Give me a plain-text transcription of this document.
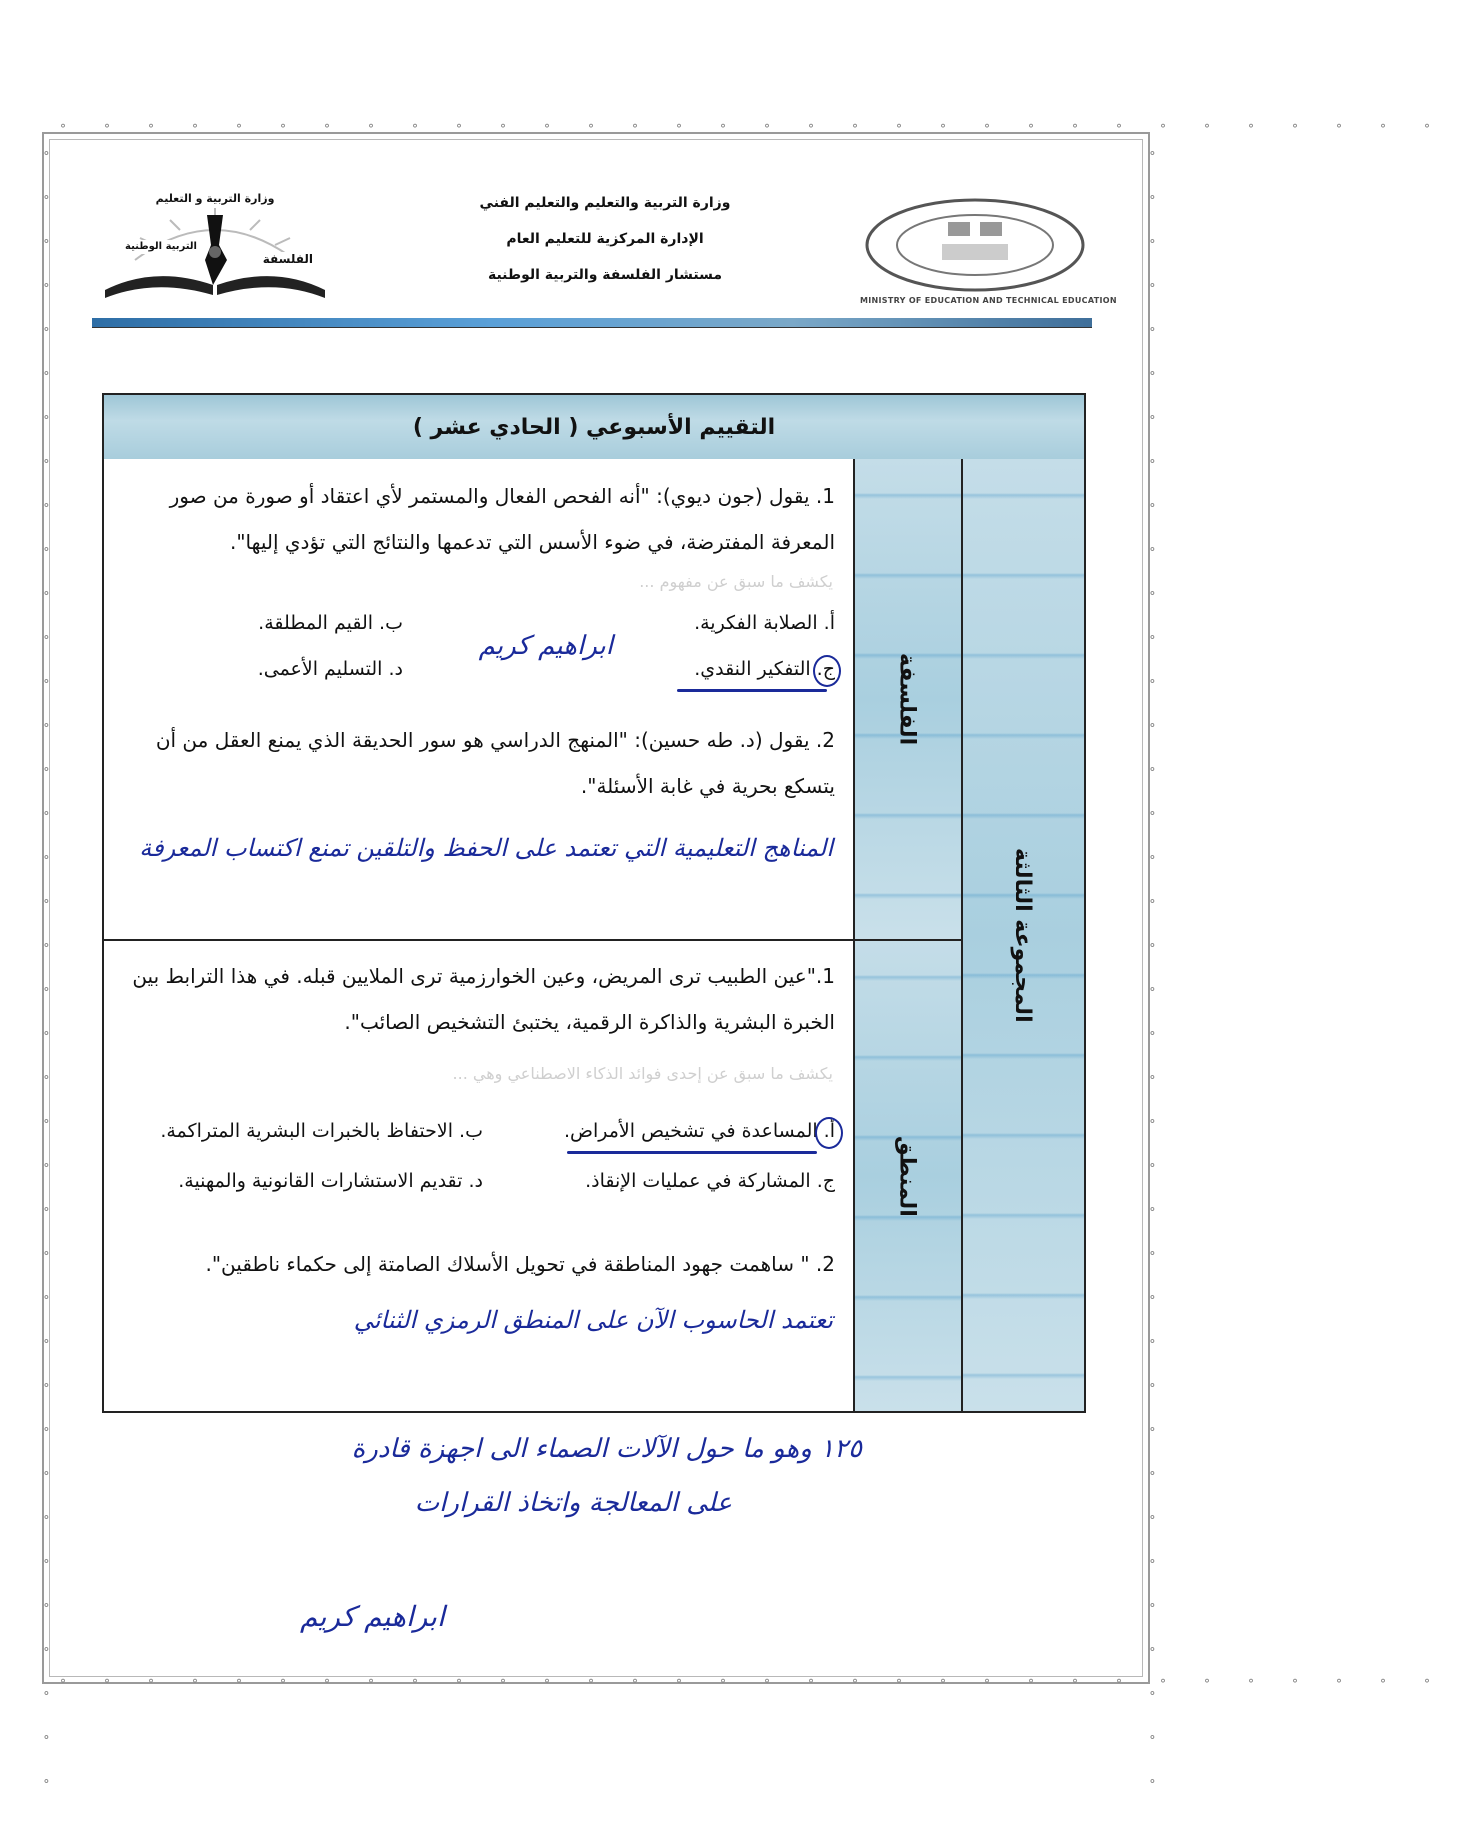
°°°°°°°°°°°°°°°°°°°°°°°°°°°°°°°°
°°°°°°°°°°°°°°°°°°°°°°°°°°°°°°°°
°°°°°°°°°°°°°°°°°°°°°°°°°°°°°°°°°°°°°°	°°°°°°°°°°°°°°°°°°°°°°°°°°°°°°°°°°°°°°
وزارة التربية و التعليم
الفلسفة
التربية الوطنية
وزارة التربية والتعليم والتعليم الفني
الإدارة المركزية للتعليم العام
مستشار الفلسفة والتربية الوطنية
MINISTRY OF EDUCATION AND TECHNICAL EDUCATION
التقييم الأسبوعي ( الحادي عشر )
المجموعة الثالثة
الفلسفة
المنطق
1. يقول (جون ديوي): "أنه الفحص الفعال والمستمر لأي اعتقاد أو صورة من صور المعرفة المفترضة، في ضوء الأسس التي تدعمها والنتائج التي تؤدي إليها".
يكشف ما سبق عن مفهوم ...
أ. الصلابة الفكرية.
ب. القيم المطلقة.
ج. التفكير النقدي.
د. التسليم الأعمى.
ابراهيم كريم
2. يقول (د. طه حسين): "المنهج الدراسي هو سور الحديقة الذي يمنع العقل من أن يتسكع بحرية في غابة الأسئلة".
المناهج التعليمية التي تعتمد على الحفظ والتلقين تمنع اكتساب المعرفة
1."عين الطبيب ترى المريض، وعين الخوارزمية ترى الملايين قبله. في هذا الترابط بين الخبرة البشرية والذاكرة الرقمية، يختبئ التشخيص الصائب".
يكشف ما سبق عن إحدى فوائد الذكاء الاصطناعي وهي ...
أ. المساعدة في تشخيص الأمراض.
ب. الاحتفاظ بالخبرات البشرية المتراكمة.
ج. المشاركة في عمليات الإنقاذ.
د. تقديم الاستشارات القانونية والمهنية.
2. " ساهمت جهود المناطقة في تحويل الأسلاك الصامتة إلى حكماء ناطقين".
تعتمد الحاسوب الآن على المنطق الرمزي الثنائي
١٢٥ وهو ما حول الآلات الصماء الى اجهزة قادرة
على المعالجة واتخاذ القرارات
ابراهيم كريم
